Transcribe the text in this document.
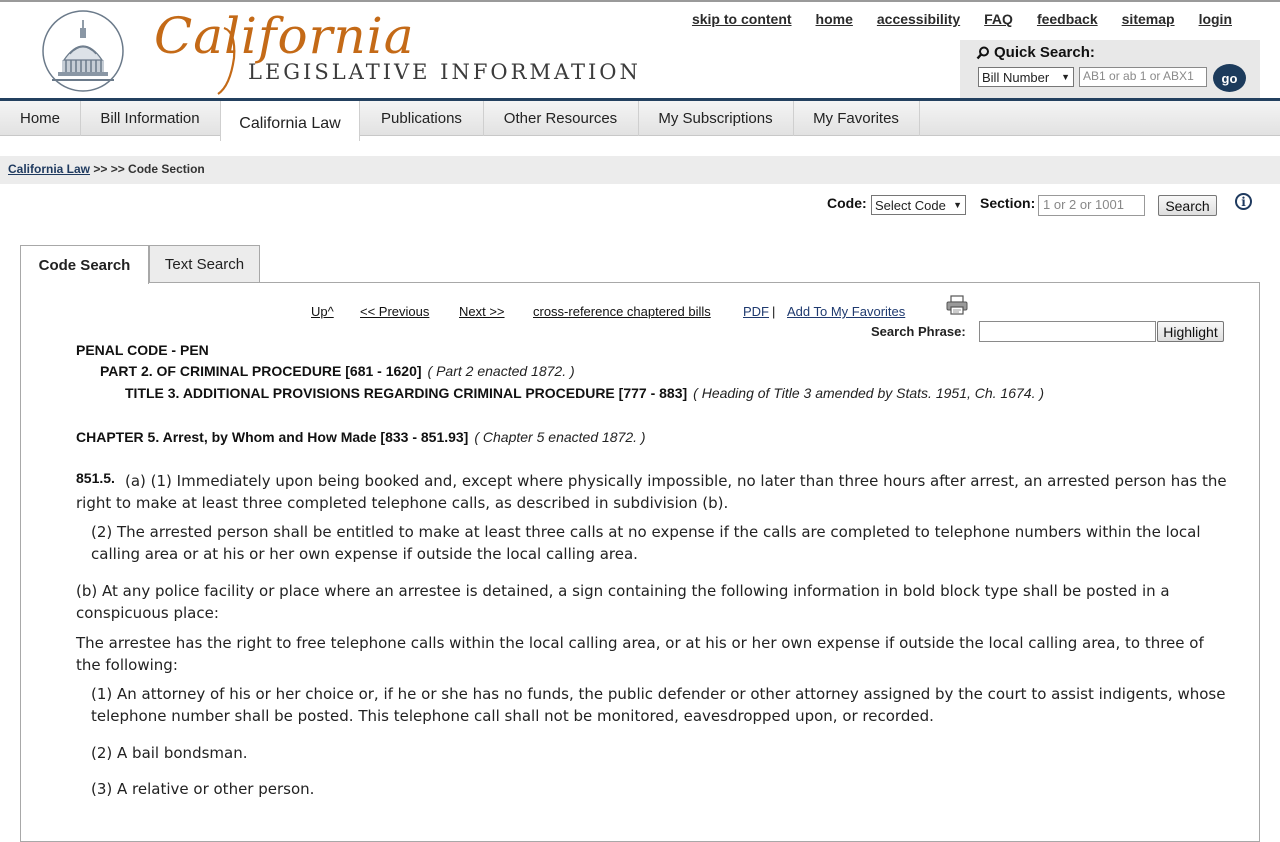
California
LEGISLATIVE INFORMATION
skip to content home accessibility FAQ feedback sitemap login
Quick Search:
Bill Number ▼	AB1 or ab 1 or ABX1	go
Home	Bill Information	California Law	Publications	Other Resources	My Subscriptions	My Favorites
California Law >> >> Code Section
Code: Select Code ▼ Section: 1 or 2 or 1001	Search	i
Code Search	Text Search
Up^ << Previous Next >> cross-reference chaptered bills PDF | Add To My Favorites
Search Phrase:	Highlight
PENAL CODE - PEN
PART 2. OF CRIMINAL PROCEDURE [681 - 1620] ( Part 2 enacted 1872. )
TITLE 3. ADDITIONAL PROVISIONS REGARDING CRIMINAL PROCEDURE [777 - 883] ( Heading of Title 3 amended by Stats. 1951, Ch. 1674. )
CHAPTER 5. Arrest, by Whom and How Made [833 - 851.93] ( Chapter 5 enacted 1872. )
851.5. (a) (1) Immediately upon being booked and, except where physically impossible, no later than three hours after arrest, an arrested person has the
right to make at least three completed telephone calls, as described in subdivision (b).
(2) The arrested person shall be entitled to make at least three calls at no expense if the calls are completed to telephone numbers within the local calling area or at his or her own expense if outside the local calling area.
(b) At any police facility or place where an arrestee is detained, a sign containing the following information in bold block type shall be posted in a conspicuous place:
The arrestee has the right to free telephone calls within the local calling area, or at his or her own expense if outside the local calling area, to three of the following:
(1) An attorney of his or her choice or, if he or she has no funds, the public defender or other attorney assigned by the court to assist indigents, whose telephone number shall be posted. This telephone call shall not be monitored, eavesdropped upon, or recorded.
(2) A bail bondsman.
(3) A relative or other person.
